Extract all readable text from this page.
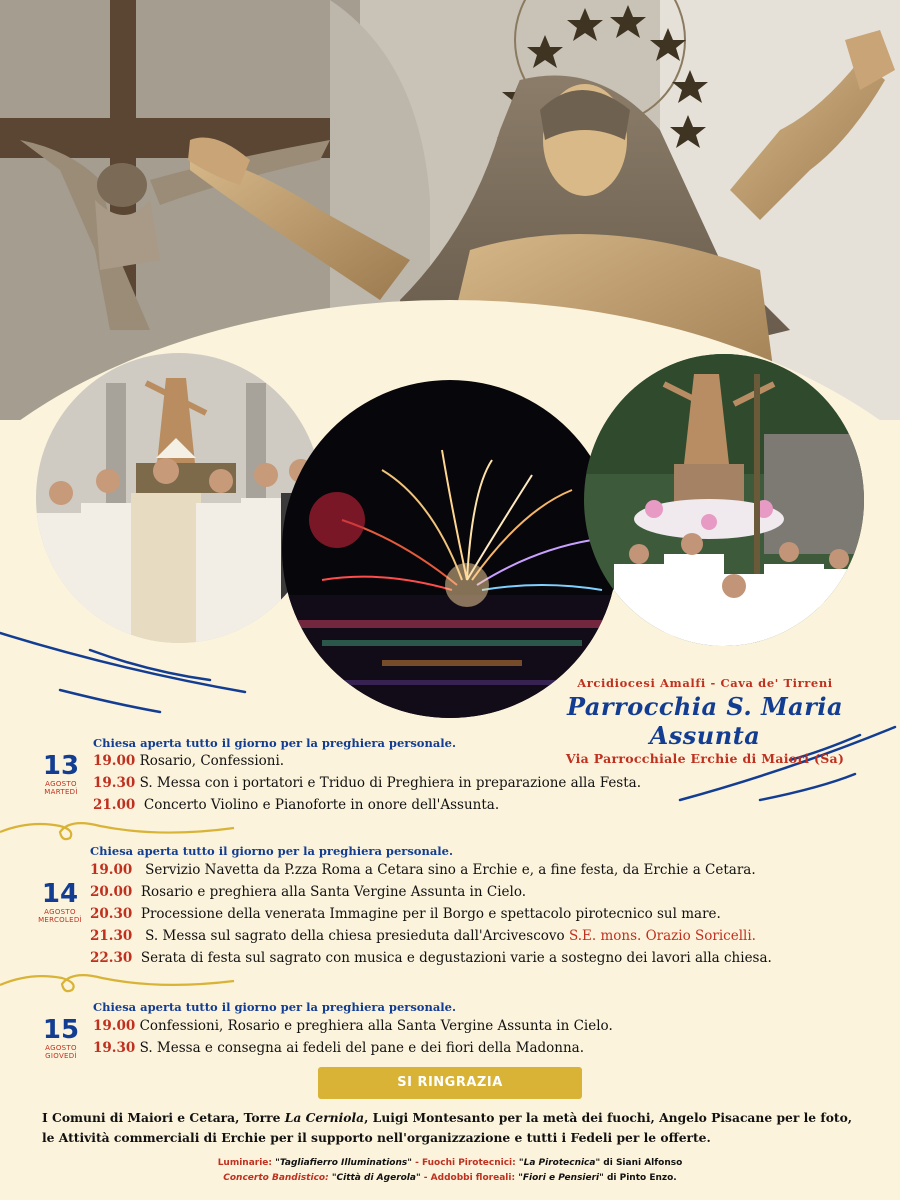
Arcidiocesi Amalfi - Cava de' Tirreni
Parrocchia S. Maria Assunta
Via Parrocchiale Erchie di Maiori (Sa)
Chiesa aperta tutto il giorno per la preghiera personale.
13
AGOSTO
MARTEDÌ
19.00 Rosario, Confessioni.
19.30 S. Messa con i portatori e Triduo di Preghiera in preparazione alla Festa.
21.00 Concerto Violino e Pianoforte in onore dell'Assunta.
Chiesa aperta tutto il giorno per la preghiera personale.
14
AGOSTO
MERCOLEDÌ
19.00 Servizio Navetta da P.zza Roma a Cetara sino a Erchie e, a fine festa, da Erchie a Cetara.
20.00 Rosario e preghiera alla Santa Vergine Assunta in Cielo.
20.30 Processione della venerata Immagine per il Borgo e spettacolo pirotecnico sul mare.
21.30 S. Messa sul sagrato della chiesa presieduta dall'Arcivescovo S.E. mons. Orazio Soricelli.
22.30 Serata di festa sul sagrato con musica e degustazioni varie a sostegno dei lavori alla chiesa.
Chiesa aperta tutto il giorno per la preghiera personale.
15
AGOSTO
GIOVEDÌ
19.00 Confessioni, Rosario e preghiera alla Santa Vergine Assunta in Cielo.
19.30 S. Messa e consegna ai fedeli del pane e dei fiori della Madonna.
SI RINGRAZIA
I Comuni di Maiori e Cetara, Torre La Cerniola, Luigi Montesanto per la metà dei fuochi, Angelo Pisacane per le foto,
le Attività commerciali di Erchie per il supporto nell'organizzazione e tutti i Fedeli per le offerte.
Luminarie: "Tagliafierro Illuminations" - Fuochi Pirotecnici: "La Pirotecnica" di Siani Alfonso
Concerto Bandistico: "Città di Agerola" - Addobbi floreali: "Fiori e Pensieri" di Pinto Enzo.
